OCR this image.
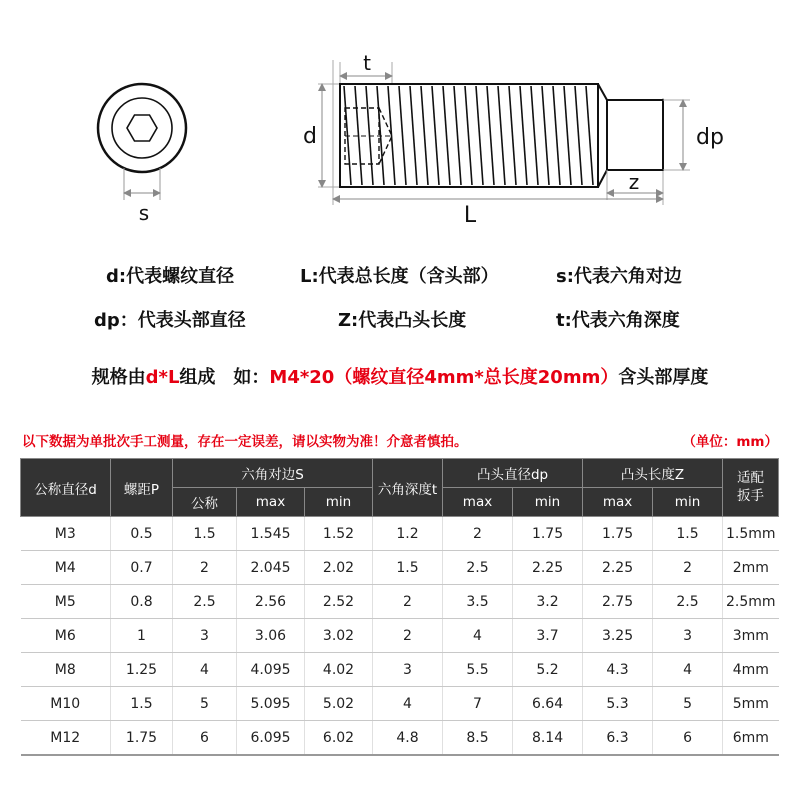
s
d
t
dp
z
L
d:代表螺纹直径	L:代表总长度（含头部）	s:代表六角对边
dp：代表头部直径	Z:代表凸头长度	t:代表六角深度
规格由d*L组成　如：M4*20（螺纹直径4mm*总长度20mm）含头部厚度
以下数据为单批次手工测量，存在一定误差，请以实物为准！介意者慎拍。	（单位：mm）
公称直径d	螺距P	六角对边S			六角深度t	凸头直径dp		凸头长度Z		适配
扳手
		公称	max	min		max	min	max	min	
M3	0.5	1.5	1.545	1.52	1.2	2	1.75	1.75	1.5	1.5mm
M4	0.7	2	2.045	2.02	1.5	2.5	2.25	2.25	2	2mm
M5	0.8	2.5	2.56	2.52	2	3.5	3.2	2.75	2.5	2.5mm
M6	1	3	3.06	3.02	2	4	3.7	3.25	3	3mm
M8	1.25	4	4.095	4.02	3	5.5	5.2	4.3	4	4mm
M10	1.5	5	5.095	5.02	4	7	6.64	5.3	5	5mm
M12	1.75	6	6.095	6.02	4.8	8.5	8.14	6.3	6	6mm
